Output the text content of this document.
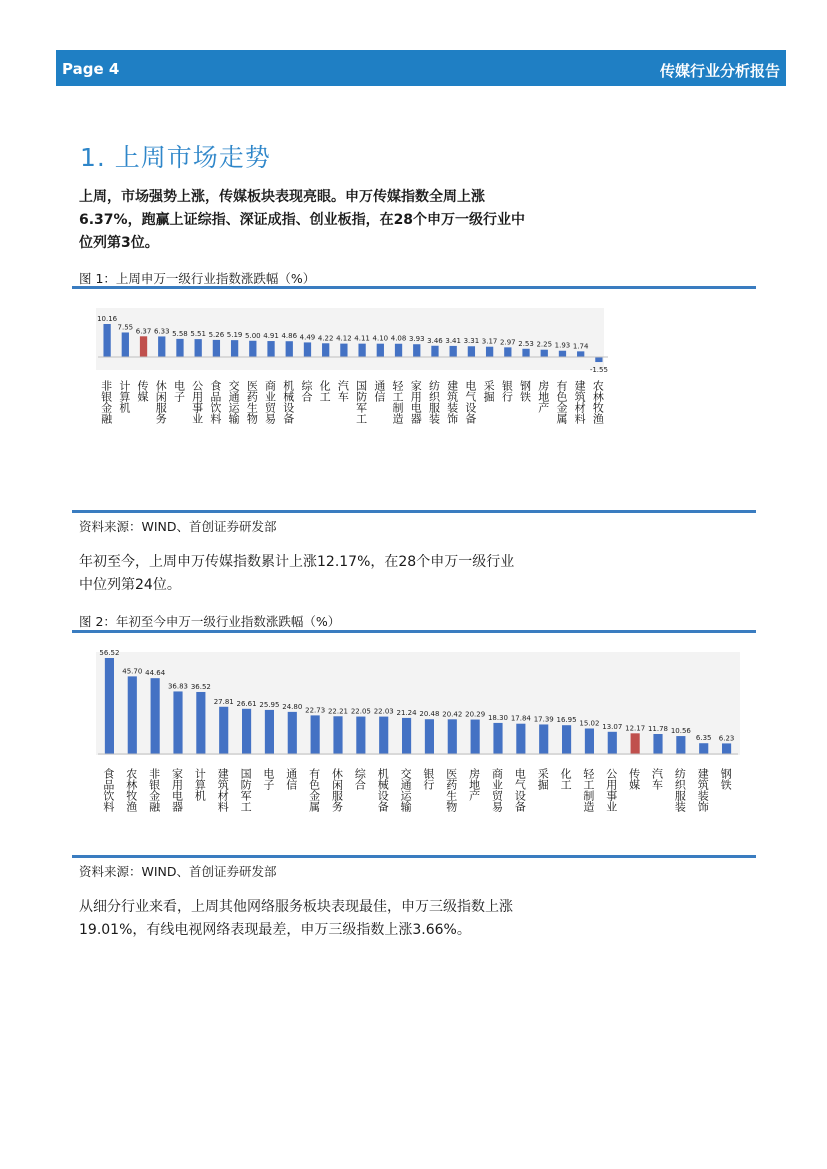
Page 4	传媒行业分析报告
1. 上周市场走势
上周，市场强势上涨，传媒板块表现亮眼。申万传媒指数全周上涨6.37%，跑赢上证综指、深证成指、创业板指，在28个申万一级行业中位列第3位。
图 1：上周申万一级行业指数涨跌幅（%）
10.16
非银金融
7.55
计算机
6.37
传媒
6.33
休闲服务
5.58
电子
5.51
公用事业
5.26
食品饮料
5.19
交通运输
5.00
医药生物
4.91
商业贸易
4.86
机械设备
4.49
综合
4.22
化工
4.12
汽车
4.11
国防军工
4.10
通信
4.08
轻工制造
3.93
家用电器
3.46
纺织服装
3.41
建筑装饰
3.31
电气设备
3.17
采掘
2.97
银行
2.53
钢铁
2.25
房地产
1.93
有色金属
1.74
建筑材料
-1.55
农林牧渔
资料来源：WIND、首创证券研发部
年初至今，上周申万传媒指数累计上涨12.17%，在28个申万一级行业中位列第24位。
图 2：年初至今申万一级行业指数涨跌幅（%）
56.52
食品饮料
45.70
农林牧渔
44.64
非银金融
36.83
家用电器
36.52
计算机
27.81
建筑材料
26.61
国防军工
25.95
电子
24.80
通信
22.73
有色金属
22.21
休闲服务
22.05
综合
22.03
机械设备
21.24
交通运输
20.48
银行
20.42
医药生物
20.29
房地产
18.30
商业贸易
17.84
电气设备
17.39
采掘
16.95
化工
15.02
轻工制造
13.07
公用事业
12.17
传媒
11.78
汽车
10.56
纺织服装
6.35
建筑装饰
6.23
钢铁
资料来源：WIND、首创证券研发部
从细分行业来看，上周其他网络服务板块表现最佳，申万三级指数上涨19.01%，有线电视网络表现最差，申万三级指数上涨3.66%。
